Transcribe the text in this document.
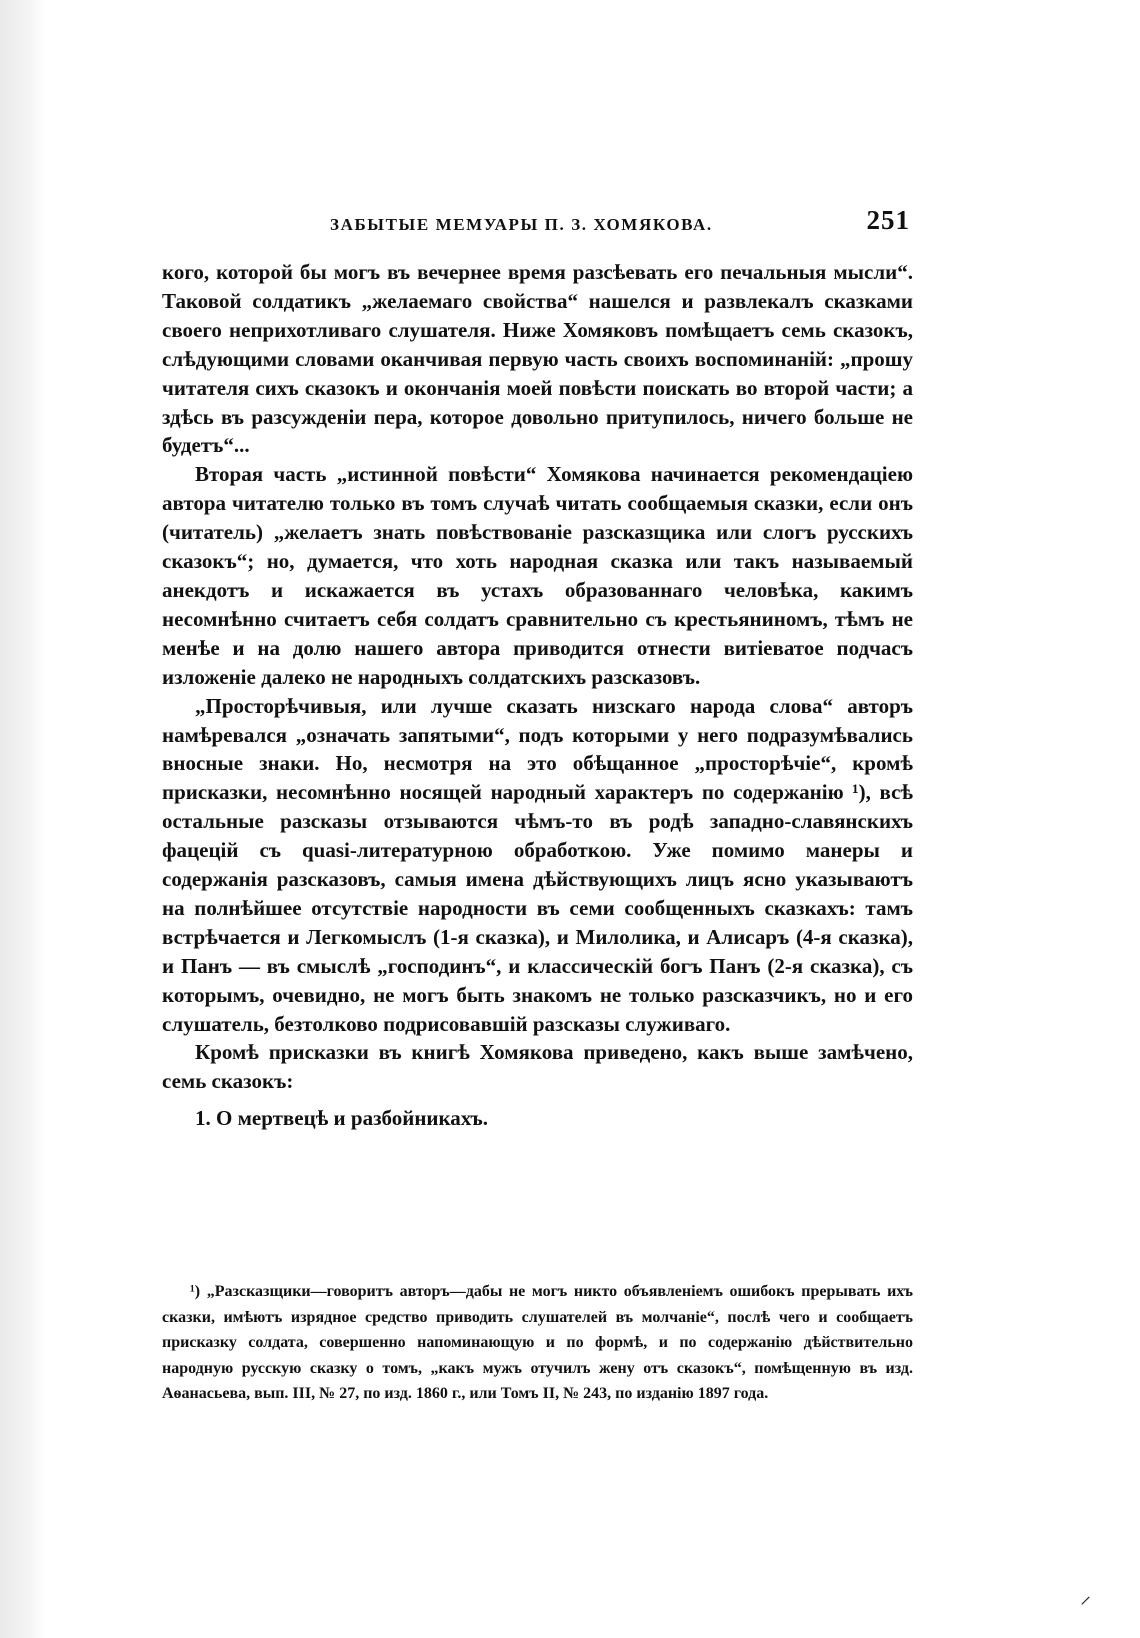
ЗАБЫТЫЕ МЕМУАРЫ П. З. ХОМЯКОВА.	251

кого, которой бы могъ въ вечернее время разсѣевать его печальныя мысли“. Таковой солдатикъ „желаемаго свойства“ нашелся и развлекалъ сказками своего неприхотливаго слушателя. Ниже Хомяковъ помѣщаетъ семь сказокъ, слѣдующими словами оканчивая первую часть своихъ воспоминаній: „прошу читателя сихъ сказокъ и окончанія моей повѣсти поискать во второй части; а здѣсь въ разсужденіи пера, которое довольно притупилось, ничего больше не будетъ“...

Вторая часть „истинной повѣсти“ Хомякова начинается рекомендаціею автора читателю только въ томъ случаѣ читать сообщаемыя сказки, если онъ (читатель) „желаетъ знать повѣствованіе разсказщика или слогъ русскихъ сказокъ“; но, думается, что хоть народная сказка или такъ называемый анекдотъ и искажается въ устахъ образованнаго человѣка, какимъ несомнѣнно считаетъ себя солдатъ сравнительно съ крестьяниномъ, тѣмъ не менѣе и на долю нашего автора приводится отнести витіеватое подчасъ изложеніе далеко не народныхъ солдатскихъ разсказовъ.

„Просторѣчивыя, или лучше сказать низскаго народа слова“ авторъ намѣревался „означать запятыми“, подъ которыми у него подразумѣвались вносные знаки. Но, несмотря на это обѣщанное „просторѣчіе“, кромѣ присказки, несомнѣнно носящей народный характеръ по содержанію ¹), всѣ остальные разсказы отзываются чѣмъ-то въ родѣ западно-славянскихъ фацецій съ quasi-литературною обработкою. Уже помимо манеры и содержанія разсказовъ, самыя имена дѣйствующихъ лицъ ясно указываютъ на полнѣйшее отсутствіе народности въ семи сообщенныхъ сказкахъ: тамъ встрѣчается и Легкомыслъ (1-я сказка), и Милолика, и Алисаръ (4-я сказка), и Панъ — въ смыслѣ „господинъ“, и классическій богъ Панъ (2-я сказка), съ которымъ, очевидно, не могъ быть знакомъ не только разсказчикъ, но и его слушатель, безтолково подрисовавшій разсказы служиваго.

Кромѣ присказки въ книгѣ Хомякова приведено, какъ выше замѣчено, семь сказокъ:

1. О мертвецѣ и разбойникахъ.

¹) „Разсказщики—говоритъ авторъ—дабы не могъ никто объявленіемъ ошибокъ прерывать ихъ сказки, имѣютъ изрядное средство приводить слушателей въ молчаніе“, послѣ чего и сообщаетъ присказку солдата, совершенно напоминающую и по формѣ, и по содержанію дѣйствительно народную русскую сказку о томъ, „какъ мужъ отучилъ жену отъ сказокъ“, помѣщенную въ изд. Аѳанасьева, вып. III, № 27, по изд. 1860 г., или Томъ II, № 243, по изданію 1897 года.

⸝
